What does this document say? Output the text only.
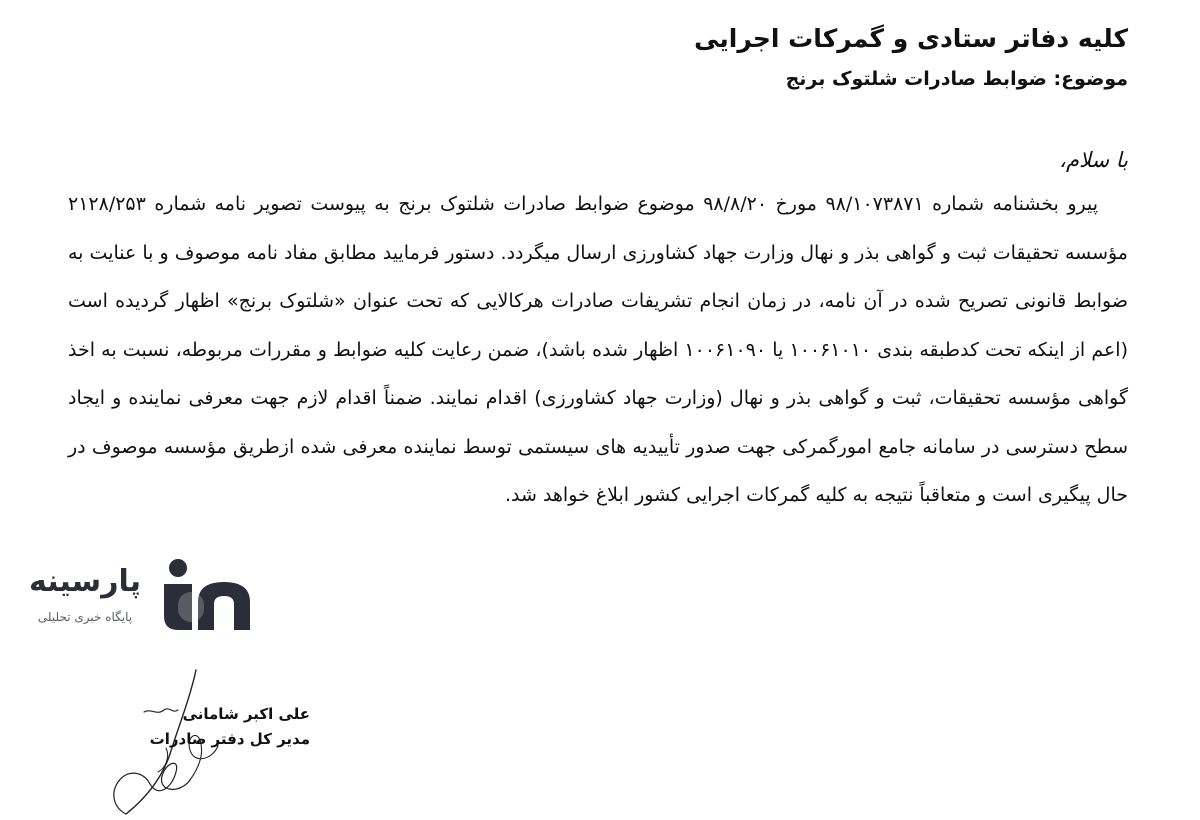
کلیه دفاتر ستادی و گمرکات اجرایی
موضوع: ضوابط صادرات شلتوک برنج
با سلام،

پیرو بخشنامه شماره ۹۸/۱۰۷۳۸۷۱ مورخ ۹۸/۸/۲۰ موضوع ضوابط صادرات شلتوک برنج به پیوست تصویر نامه شماره ۲۱۲۸/۲۵۳ مؤسسه تحقیقات ثبت و گواهی بذر و نهال وزارت جهاد کشاورزی ارسال میگردد. دستور فرمایید مطابق مفاد نامه موصوف و با عنایت به ضوابط قانونی تصریح شده در آن نامه، در زمان انجام تشریفات صادرات هرکالایی که تحت عنوان «شلتوک برنج» اظهار گردیده است (اعم از اینکه تحت کدطبقه بندی ۱۰۰۶۱۰۱۰ یا ۱۰۰۶۱۰۹۰ اظهار شده باشد)، ضمن رعایت کلیه ضوابط و مقررات مربوطه، نسبت به اخذ گواهی مؤسسه تحقیقات، ثبت و گواهی بذر و نهال (وزارت جهاد کشاورزی) اقدام نمایند. ضمناً اقدام لازم جهت معرفی نماینده و ایجاد سطح دسترسی در سامانه جامع امورگمرکی جهت صدور تأییدیه های سیستمی توسط نماینده معرفی شده ازطریق مؤسسه موصوف در حال پیگیری است و متعاقباً نتیجه به کلیه گمرکات اجرایی کشور ابلاغ خواهد شد.

پارسینه
پایگاه خبری تحلیلی
علی اکبر شامانی
مدیر کل دفتر صادرات
